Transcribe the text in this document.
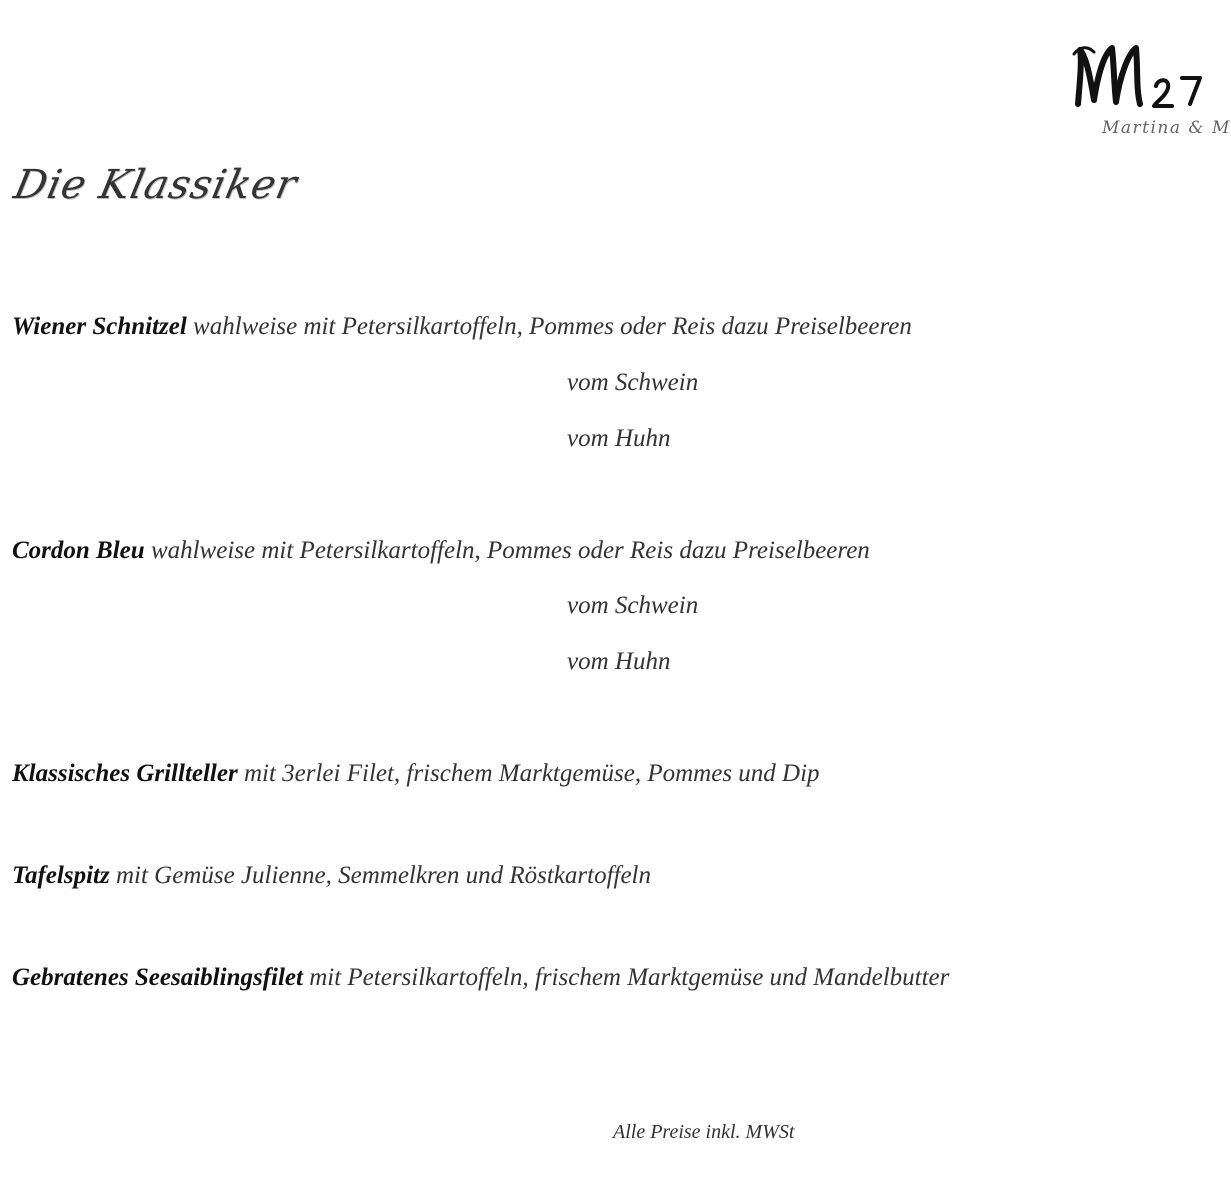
Martina & M
Die Klassiker
Wiener Schnitzel wahlweise mit Petersilkartoffeln, Pommes oder Reis dazu Preiselbeeren
vom Schwein
vom Huhn
Cordon Bleu wahlweise mit Petersilkartoffeln, Pommes oder Reis dazu Preiselbeeren
vom Schwein
vom Huhn
Klassisches Grillteller mit 3erlei Filet, frischem Marktgemüse, Pommes und Dip
Tafelspitz mit Gemüse Julienne, Semmelkren und Röstkartoffeln
Gebratenes Seesaiblingsfilet mit Petersilkartoffeln, frischem Marktgemüse und Mandelbutter
Alle Preise inkl. MWSt
